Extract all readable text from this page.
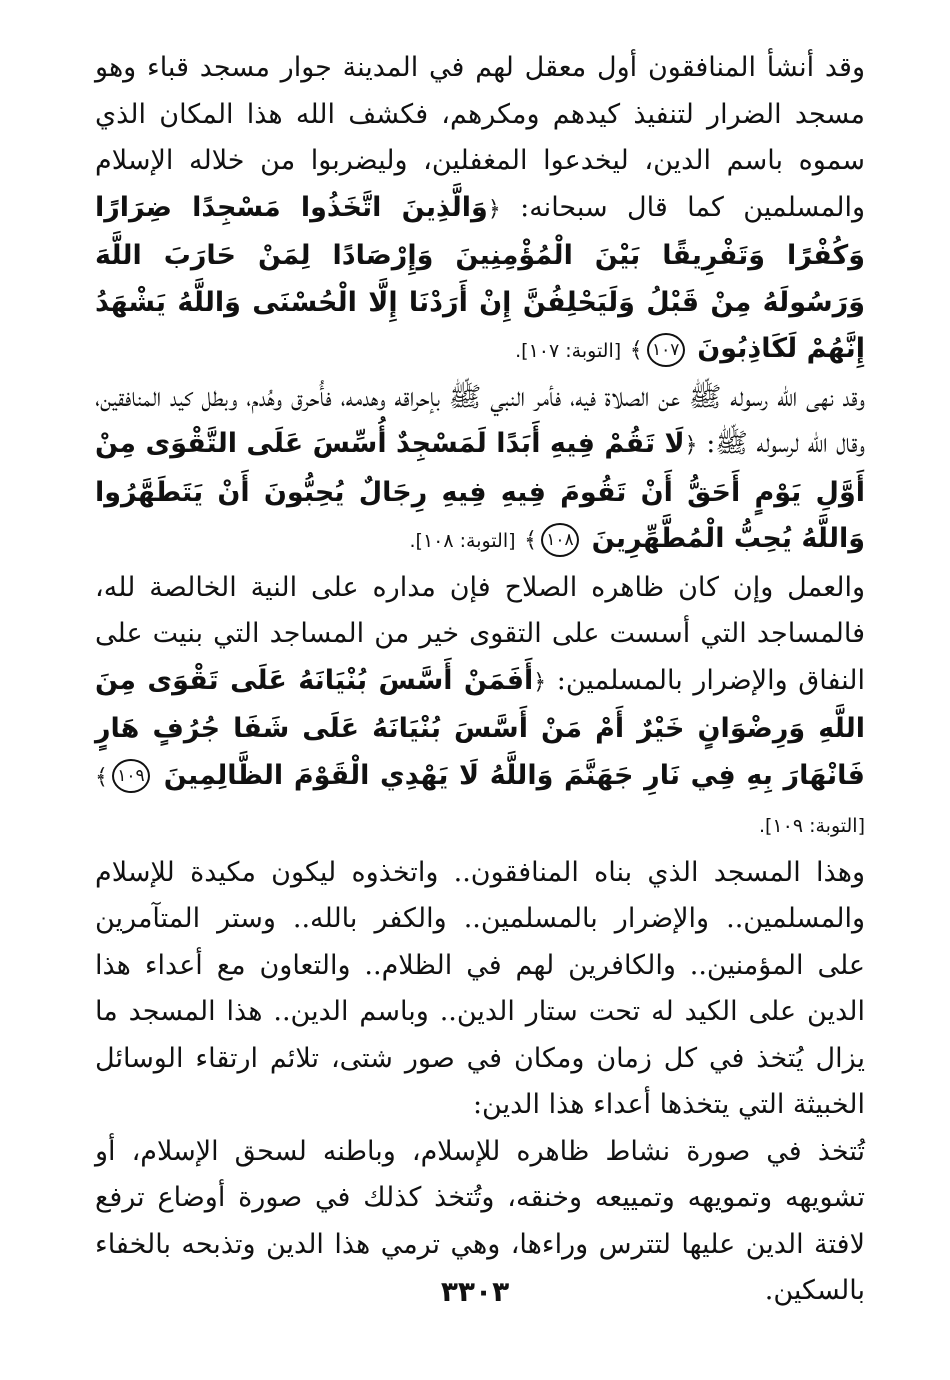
وقد أنشأ المنافقون أول معقل لهم في المدينة جوار مسجد قباء وهو مسجد الضرار لتنفيذ كيدهم ومكرهم، فكشف الله هذا المكان الذي سموه باسم الدين، ليخدعوا المغفلين، وليضربوا من خلاله الإسلام والمسلمين كما قال سبحانه: ﴿وَالَّذِينَ اتَّخَذُوا مَسْجِدًا ضِرَارًا وَكُفْرًا وَتَفْرِيقًا بَيْنَ الْمُؤْمِنِينَ وَإِرْصَادًا لِمَنْ حَارَبَ اللَّهَ وَرَسُولَهُ مِنْ قَبْلُ وَلَيَحْلِفُنَّ إِنْ أَرَدْنَا إِلَّا الْحُسْنَى وَاللَّهُ يَشْهَدُ إِنَّهُمْ لَكَاذِبُونَ ١٠٧﴾ [التوبة: ١٠٧].

وقد نهى الله رسوله ﷺ عن الصلاة فيه، فأمر النبي ﷺ بإحراقه وهدمه، فأُحرق وهُدم، وبطل كيد المنافقين، وقال الله لرسوله ﷺ: ﴿لَا تَقُمْ فِيهِ أَبَدًا لَمَسْجِدٌ أُسِّسَ عَلَى التَّقْوَى مِنْ أَوَّلِ يَوْمٍ أَحَقُّ أَنْ تَقُومَ فِيهِ فِيهِ رِجَالٌ يُحِبُّونَ أَنْ يَتَطَهَّرُوا وَاللَّهُ يُحِبُّ الْمُطَّهِّرِينَ ١٠٨﴾ [التوبة: ١٠٨].

والعمل وإن كان ظاهره الصلاح فإن مداره على النية الخالصة لله، فالمساجد التي أسست على التقوى خير من المساجد التي بنيت على النفاق والإضرار بالمسلمين: ﴿أَفَمَنْ أَسَّسَ بُنْيَانَهُ عَلَى تَقْوَى مِنَ اللَّهِ وَرِضْوَانٍ خَيْرٌ أَمْ مَنْ أَسَّسَ بُنْيَانَهُ عَلَى شَفَا جُرُفٍ هَارٍ فَانْهَارَ بِهِ فِي نَارِ جَهَنَّمَ وَاللَّهُ لَا يَهْدِي الْقَوْمَ الظَّالِمِينَ ١٠٩﴾ [التوبة: ١٠٩].

وهذا المسجد الذي بناه المنافقون.. واتخذوه ليكون مكيدة للإسلام والمسلمين.. والإضرار بالمسلمين.. والكفر بالله.. وستر المتآمرين على المؤمنين.. والكافرين لهم في الظلام.. والتعاون مع أعداء هذا الدين على الكيد له تحت ستار الدين.. وباسم الدين.. هذا المسجد ما يزال يُتخذ في كل زمان ومكان في صور شتى، تلائم ارتقاء الوسائل الخبيثة التي يتخذها أعداء هذا الدين:

تُتخذ في صورة نشاط ظاهره للإسلام، وباطنه لسحق الإسلام، أو تشويهه وتمويهه وتمييعه وخنقه، وتُتخذ كذلك في صورة أوضاع ترفع لافتة الدين عليها لتترس وراءها، وهي ترمي هذا الدين وتذبحه بالخفاء بالسكين.

٣٣٠٣
